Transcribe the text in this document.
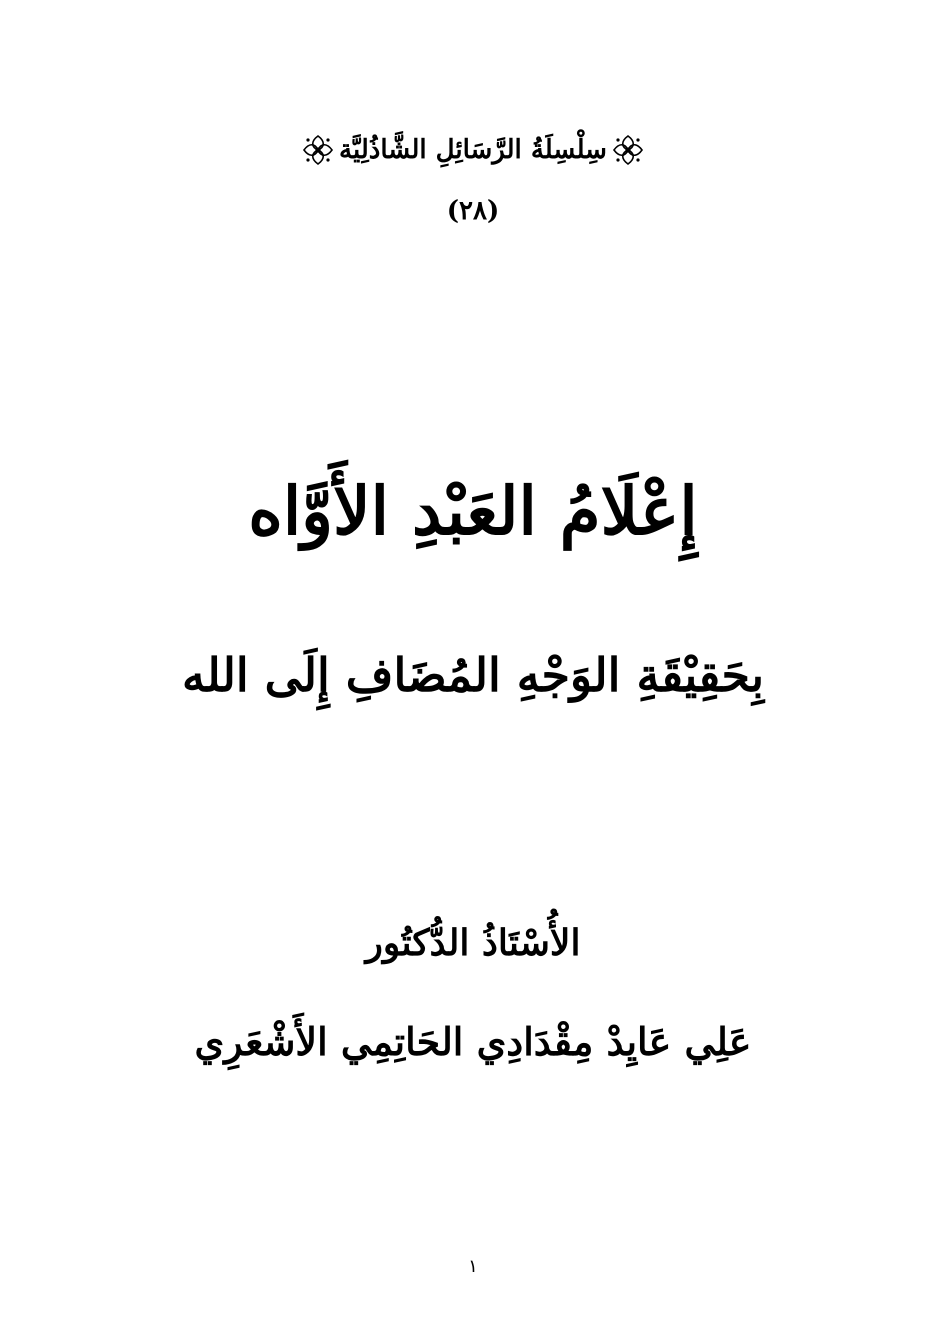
سِلْسِلَةُ الرَّسَائِلِ الشَّاذُلِيَّة
(٢٨)
إِعْلَامُ العَبْدِ الأَوَّاه
بِحَقِيْقَةِ الوَجْهِ المُضَافِ إِلَى الله
الأُسْتَاذُ الدُّكتُور
عَلِي عَايِدْ مِقْدَادِي الحَاتِمِي الأَشْعَرِي
١
